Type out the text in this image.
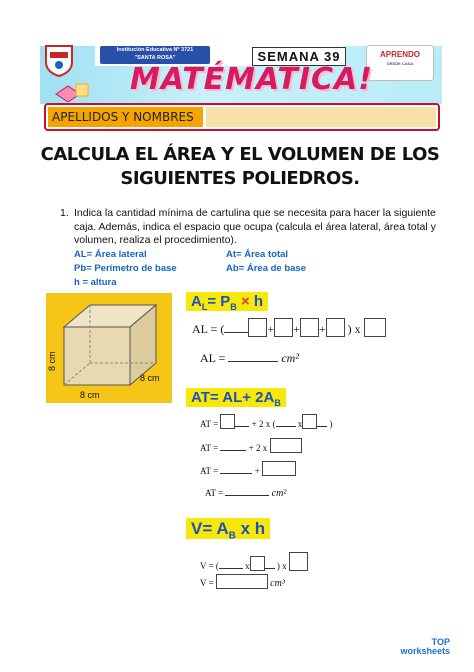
Institución Educativa Nº 3721
"SANTA ROSA"	SEMANA 39	APRENDO
DESDE CASA
MATÉMATICA!
APELLIDOS Y NOMBRES
CALCULA EL ÁREA Y EL VOLUMEN DE LOS
SIGUIENTES POLIEDROS.
1. Indica la cantidad mínima de cartulina que se necesita para hacer la siguiente caja. Además, indica el espacio que ocupa (calcula el área lateral, área total y volumen, realiza el procedimiento).
AL= Área lateral	At= Área total
Pb= Perímetro de base	Ab= Área de base
h = altura
8 cm
8 cm
8 cm
$A_L= P_B \times h$
AL = (	+ + + ) x
AL =	cm²
$AT= AL+ 2A_B$
AT =	+ 2 x ( x	)
AT =	+ 2 x
AT =	+
AT =	cm²
$V= A_B$ x h
V = (	x	) x
V =	cm³
TOP
worksheets
